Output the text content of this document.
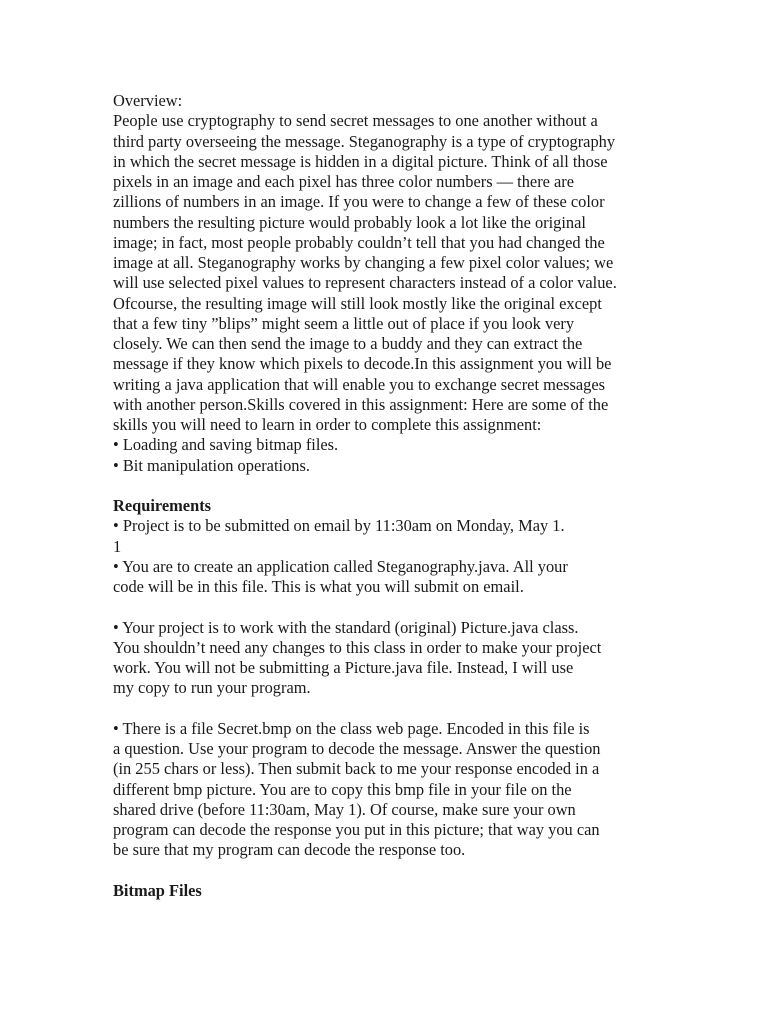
Overview:
People use cryptography to send secret messages to one another without a
third party overseeing the message. Steganography is a type of cryptography
in which the secret message is hidden in a digital picture. Think of all those
pixels in an image and each pixel has three color numbers — there are
zillions of numbers in an image. If you were to change a few of these color
numbers the resulting picture would probably look a lot like the original
image; in fact, most people probably couldn’t tell that you had changed the
image at all. Steganography works by changing a few pixel color values; we
will use selected pixel values to represent characters instead of a color value.
Ofcourse, the resulting image will still look mostly like the original except
that a few tiny ”blips” might seem a little out of place if you look very
closely. We can then send the image to a buddy and they can extract the
message if they know which pixels to decode.In this assignment you will be
writing a java application that will enable you to exchange secret messages
with another person.Skills covered in this assignment: Here are some of the
skills you will need to learn in order to complete this assignment:
• Loading and saving bitmap files.
• Bit manipulation operations.
Requirements
• Project is to be submitted on email by 11:30am on Monday, May 1.
1
• You are to create an application called Steganography.java. All your
code will be in this file. This is what you will submit on email.
• Your project is to work with the standard (original) Picture.java class.
You shouldn’t need any changes to this class in order to make your project
work. You will not be submitting a Picture.java file. Instead, I will use
my copy to run your program.
• There is a file Secret.bmp on the class web page. Encoded in this file is
a question. Use your program to decode the message. Answer the question
(in 255 chars or less). Then submit back to me your response encoded in a
different bmp picture. You are to copy this bmp file in your file on the
shared drive (before 11:30am, May 1). Of course, make sure your own
program can decode the response you put in this picture; that way you can
be sure that my program can decode the response too.
Bitmap Files
